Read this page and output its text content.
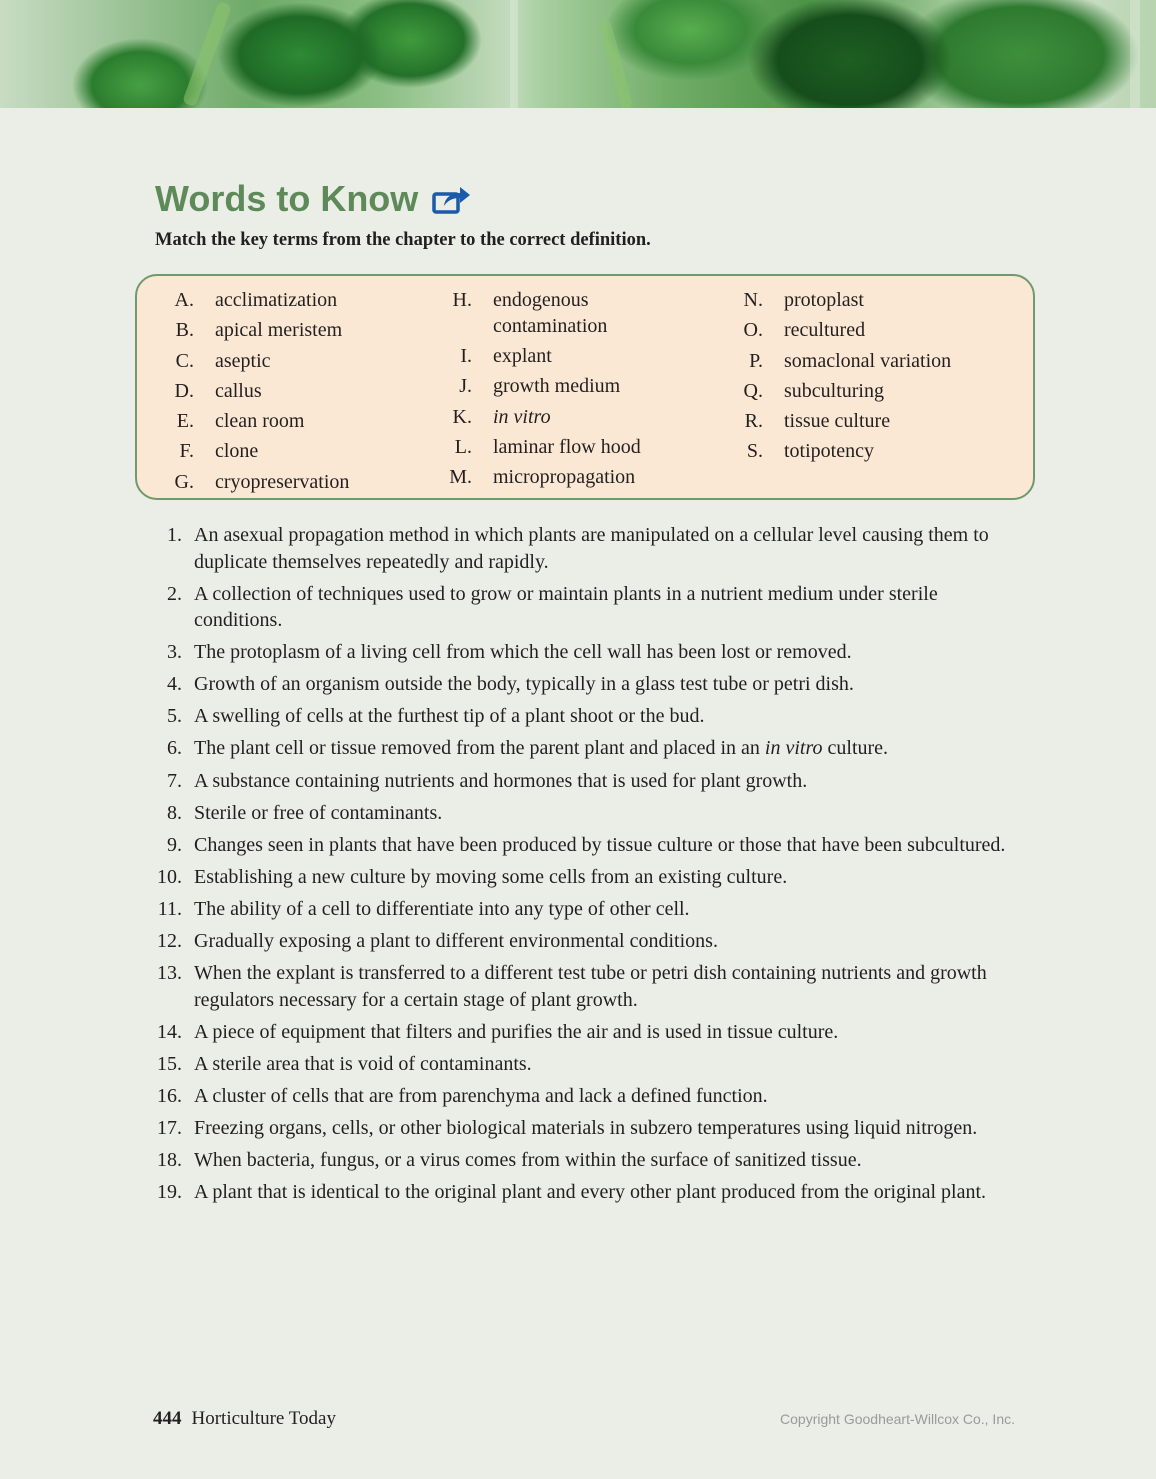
Words to Know

Match the key terms from the chapter to the correct definition.

A.	acclimatization
B.	apical meristem
C.	aseptic
D.	callus
E.	clean room
F.	clone
G.	cryopreservation
H.	endogenous contamination
I.	explant
J.	growth medium
K.	in vitro
L.	laminar flow hood
M.	micropropagation
N.	protoplast
O.	recultured
P.	somaclonal variation
Q.	subculturing
R.	tissue culture
S.	totipotency
1. An asexual propagation method in which plants are manipulated on a cellular level causing them to duplicate themselves repeatedly and rapidly.
2. A collection of techniques used to grow or maintain plants in a nutrient medium under sterile conditions.
3. The protoplasm of a living cell from which the cell wall has been lost or removed.
4. Growth of an organism outside the body, typically in a glass test tube or petri dish.
5. A swelling of cells at the furthest tip of a plant shoot or the bud.
6. The plant cell or tissue removed from the parent plant and placed in an in vitro culture.
7. A substance containing nutrients and hormones that is used for plant growth.
8. Sterile or free of contaminants.
9. Changes seen in plants that have been produced by tissue culture or those that have been subcultured.
10. Establishing a new culture by moving some cells from an existing culture.
11. The ability of a cell to differentiate into any type of other cell.
12. Gradually exposing a plant to different environmental conditions.
13. When the explant is transferred to a different test tube or petri dish containing nutrients and growth regulators necessary for a certain stage of plant growth.
14. A piece of equipment that filters and purifies the air and is used in tissue culture.
15. A sterile area that is void of contaminants.
16. A cluster of cells that are from parenchyma and lack a defined function.
17. Freezing organs, cells, or other biological materials in subzero temperatures using liquid nitrogen.
18. When bacteria, fungus, or a virus comes from within the surface of sanitized tissue.
19. A plant that is identical to the original plant and every other plant produced from the original plant.
444 Horticulture Today	Copyright Goodheart-Willcox Co., Inc.
